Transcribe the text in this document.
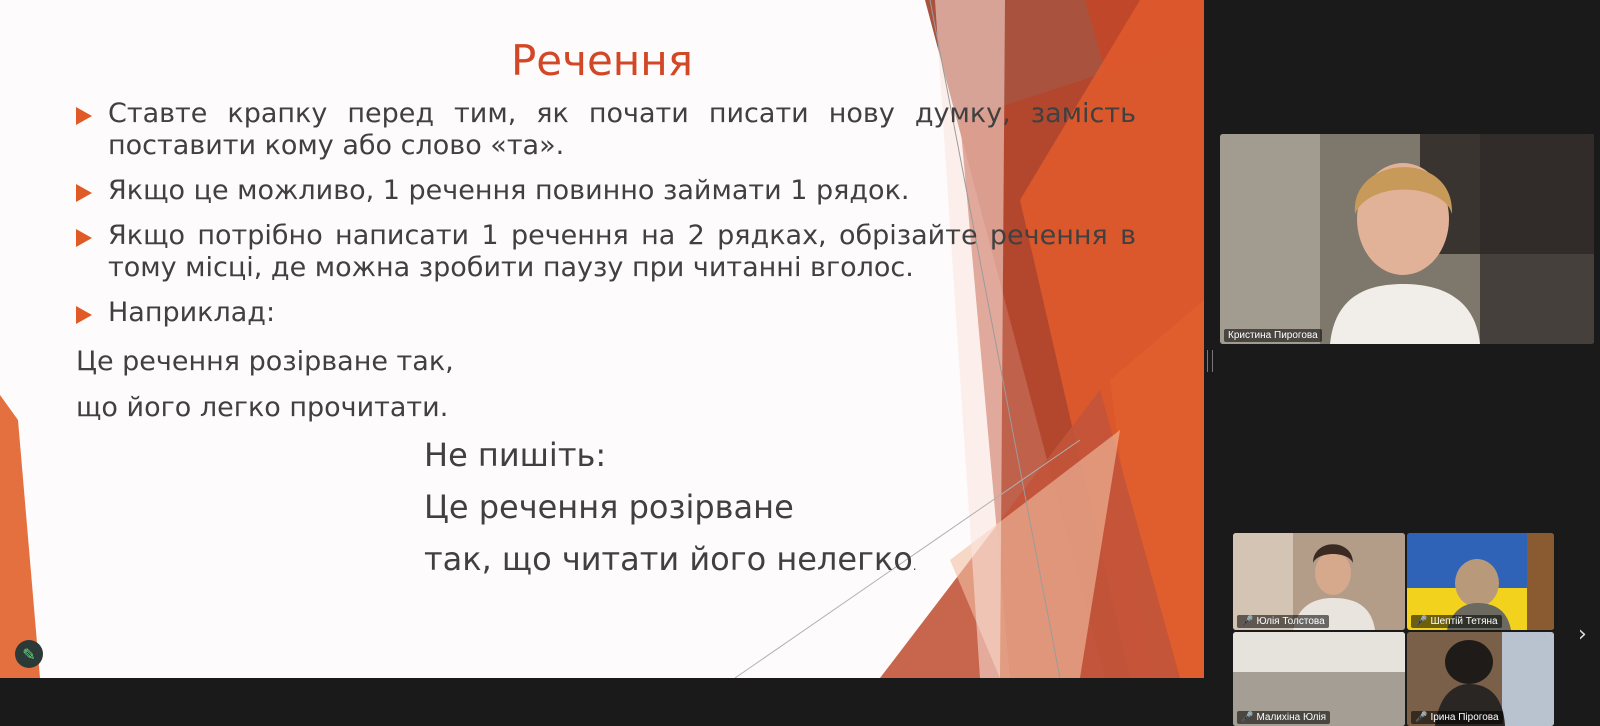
Речення
Ставте крапку перед тим, як почати писати нову думку, замість поставити кому або слово «та».
Якщо це можливо, 1 речення повинно займати 1 рядок.
Якщо потрібно написати 1 речення на 2 рядках, обрізайте речення в тому місці, де можна зробити паузу при читанні вголос.
Наприклад:
Це речення розірване так,
що його легко прочитати.
Не пишіть:
Це речення розірване
так, що читати його нелегко.
✎
Кристина Пирогова
🎤 Юлія Толстова	🎤 Шептій Тетяна
🎤 Малихіна Юлія	🎤 Ірина Пірогова
›
